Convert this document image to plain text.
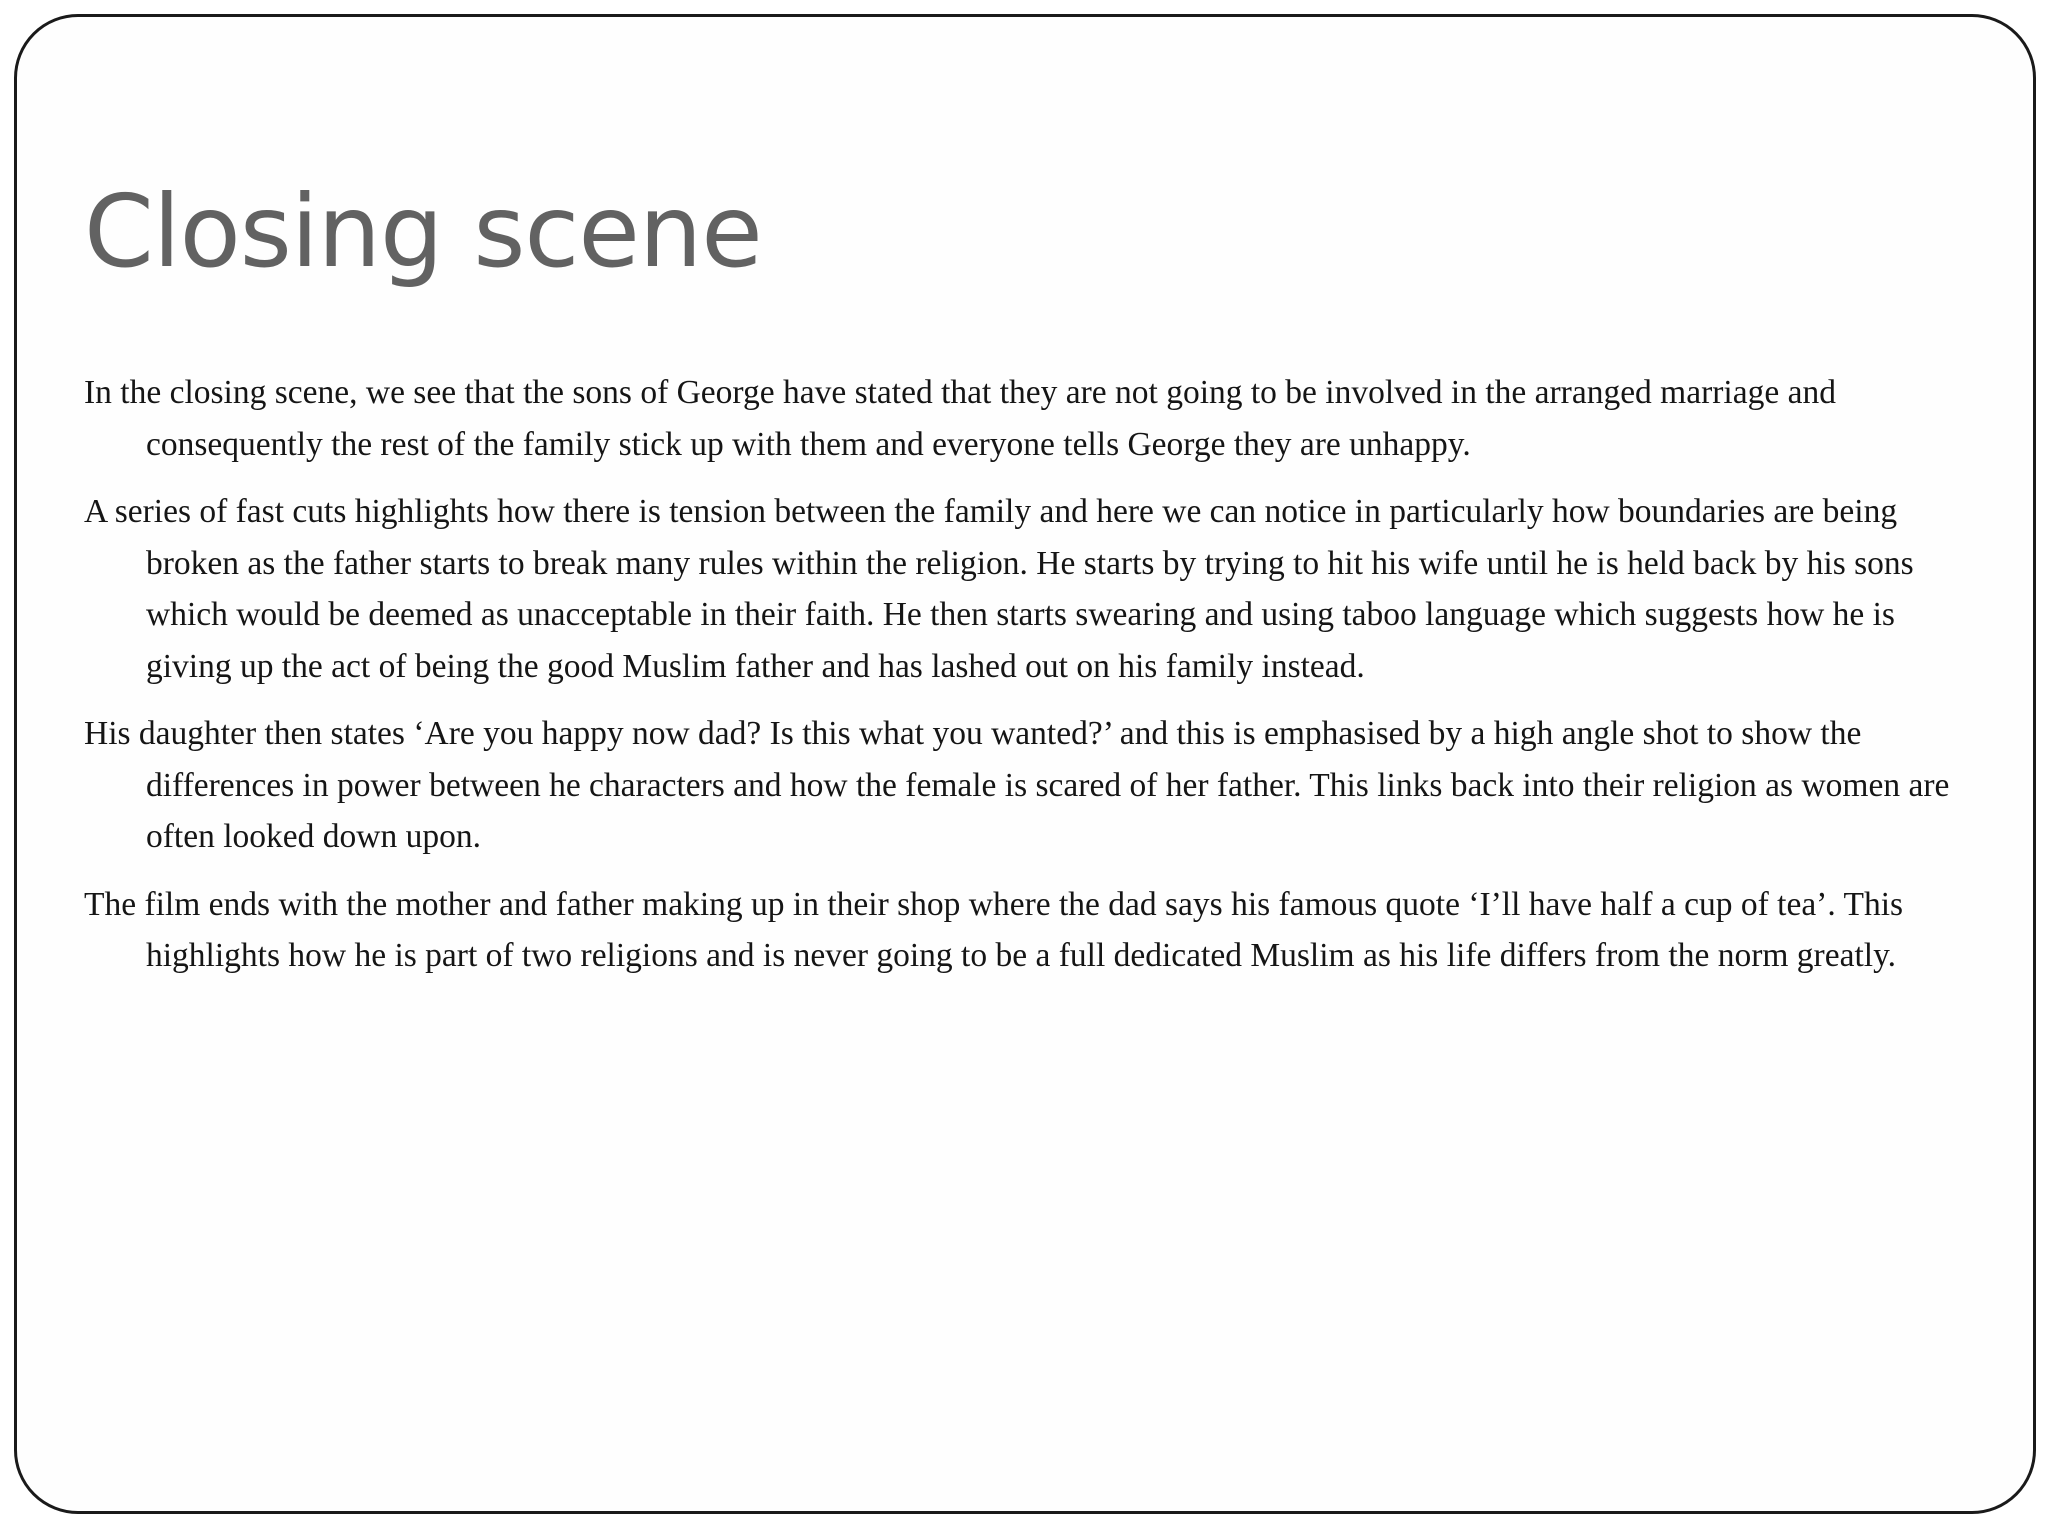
Closing scene
In the closing scene, we see that the sons of George have stated that they are not going to be involved in the arranged marriage and consequently the rest of the family stick up with them and everyone tells George they are unhappy.
A series of fast cuts highlights how there is tension between the family and here we can notice in particularly how boundaries are being broken as the father starts to break many rules within the religion. He starts by trying to hit his wife until he is held back by his sons which would be deemed as unacceptable in their faith. He then starts swearing and using taboo language which suggests how he is giving up the act of being the good Muslim father and has lashed out on his family instead.
His daughter then states ‘Are you happy now dad? Is this what you wanted?’ and this is emphasised by a high angle shot to show the differences in power between he characters and how the female is scared of her father. This links back into their religion as women are often looked down upon.
The film ends with the mother and father making up in their shop where the dad says his famous quote ‘I’ll have half a cup of tea’. This highlights how he is part of two religions and is never going to be a full dedicated Muslim as his life differs from the norm greatly.
